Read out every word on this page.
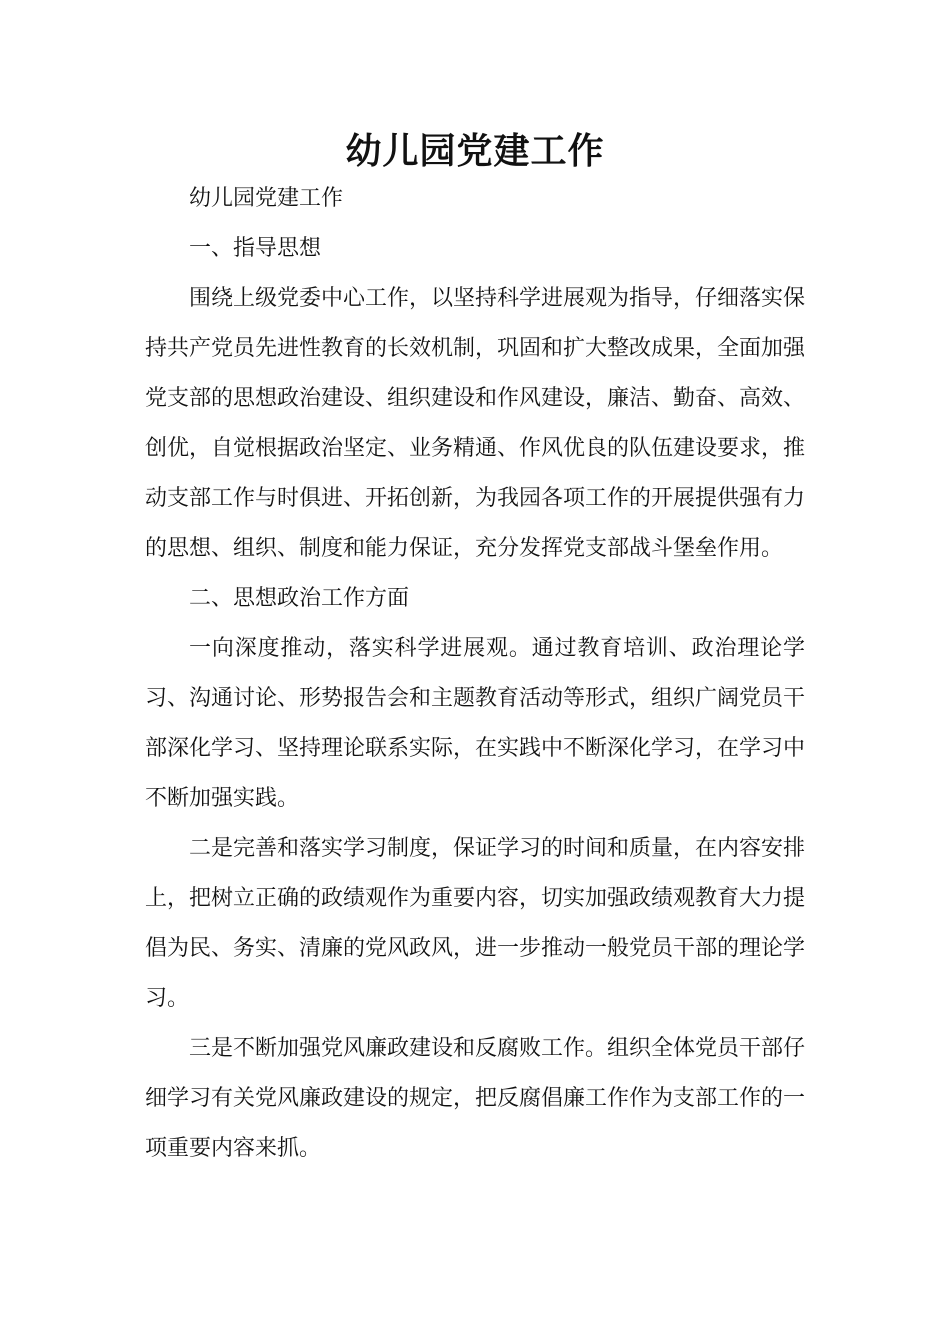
幼儿园党建工作

幼儿园党建工作

一、指导思想

围绕上级党委中心工作，以坚持科学进展观为指导，仔细落实保持共产党员先进性教育的长效机制，巩固和扩大整改成果，全面加强党支部的思想政治建设、组织建设和作风建设，廉洁、勤奋、高效、创优，自觉根据政治坚定、业务精通、作风优良的队伍建设要求，推动支部工作与时俱进、开拓创新，为我园各项工作的开展提供强有力的思想、组织、制度和能力保证，充分发挥党支部战斗堡垒作用。

二、思想政治工作方面

一向深度推动，落实科学进展观。通过教育培训、政治理论学习、沟通讨论、形势报告会和主题教育活动等形式，组织广阔党员干部深化学习、坚持理论联系实际，在实践中不断深化学习，在学习中不断加强实践。

二是完善和落实学习制度，保证学习的时间和质量，在内容安排上，把树立正确的政绩观作为重要内容，切实加强政绩观教育大力提倡为民、务实、清廉的党风政风，进一步推动一般党员干部的理论学习。

三是不断加强党风廉政建设和反腐败工作。组织全体党员干部仔细学习有关党风廉政建设的规定，把反腐倡廉工作作为支部工作的一项重要内容来抓。
